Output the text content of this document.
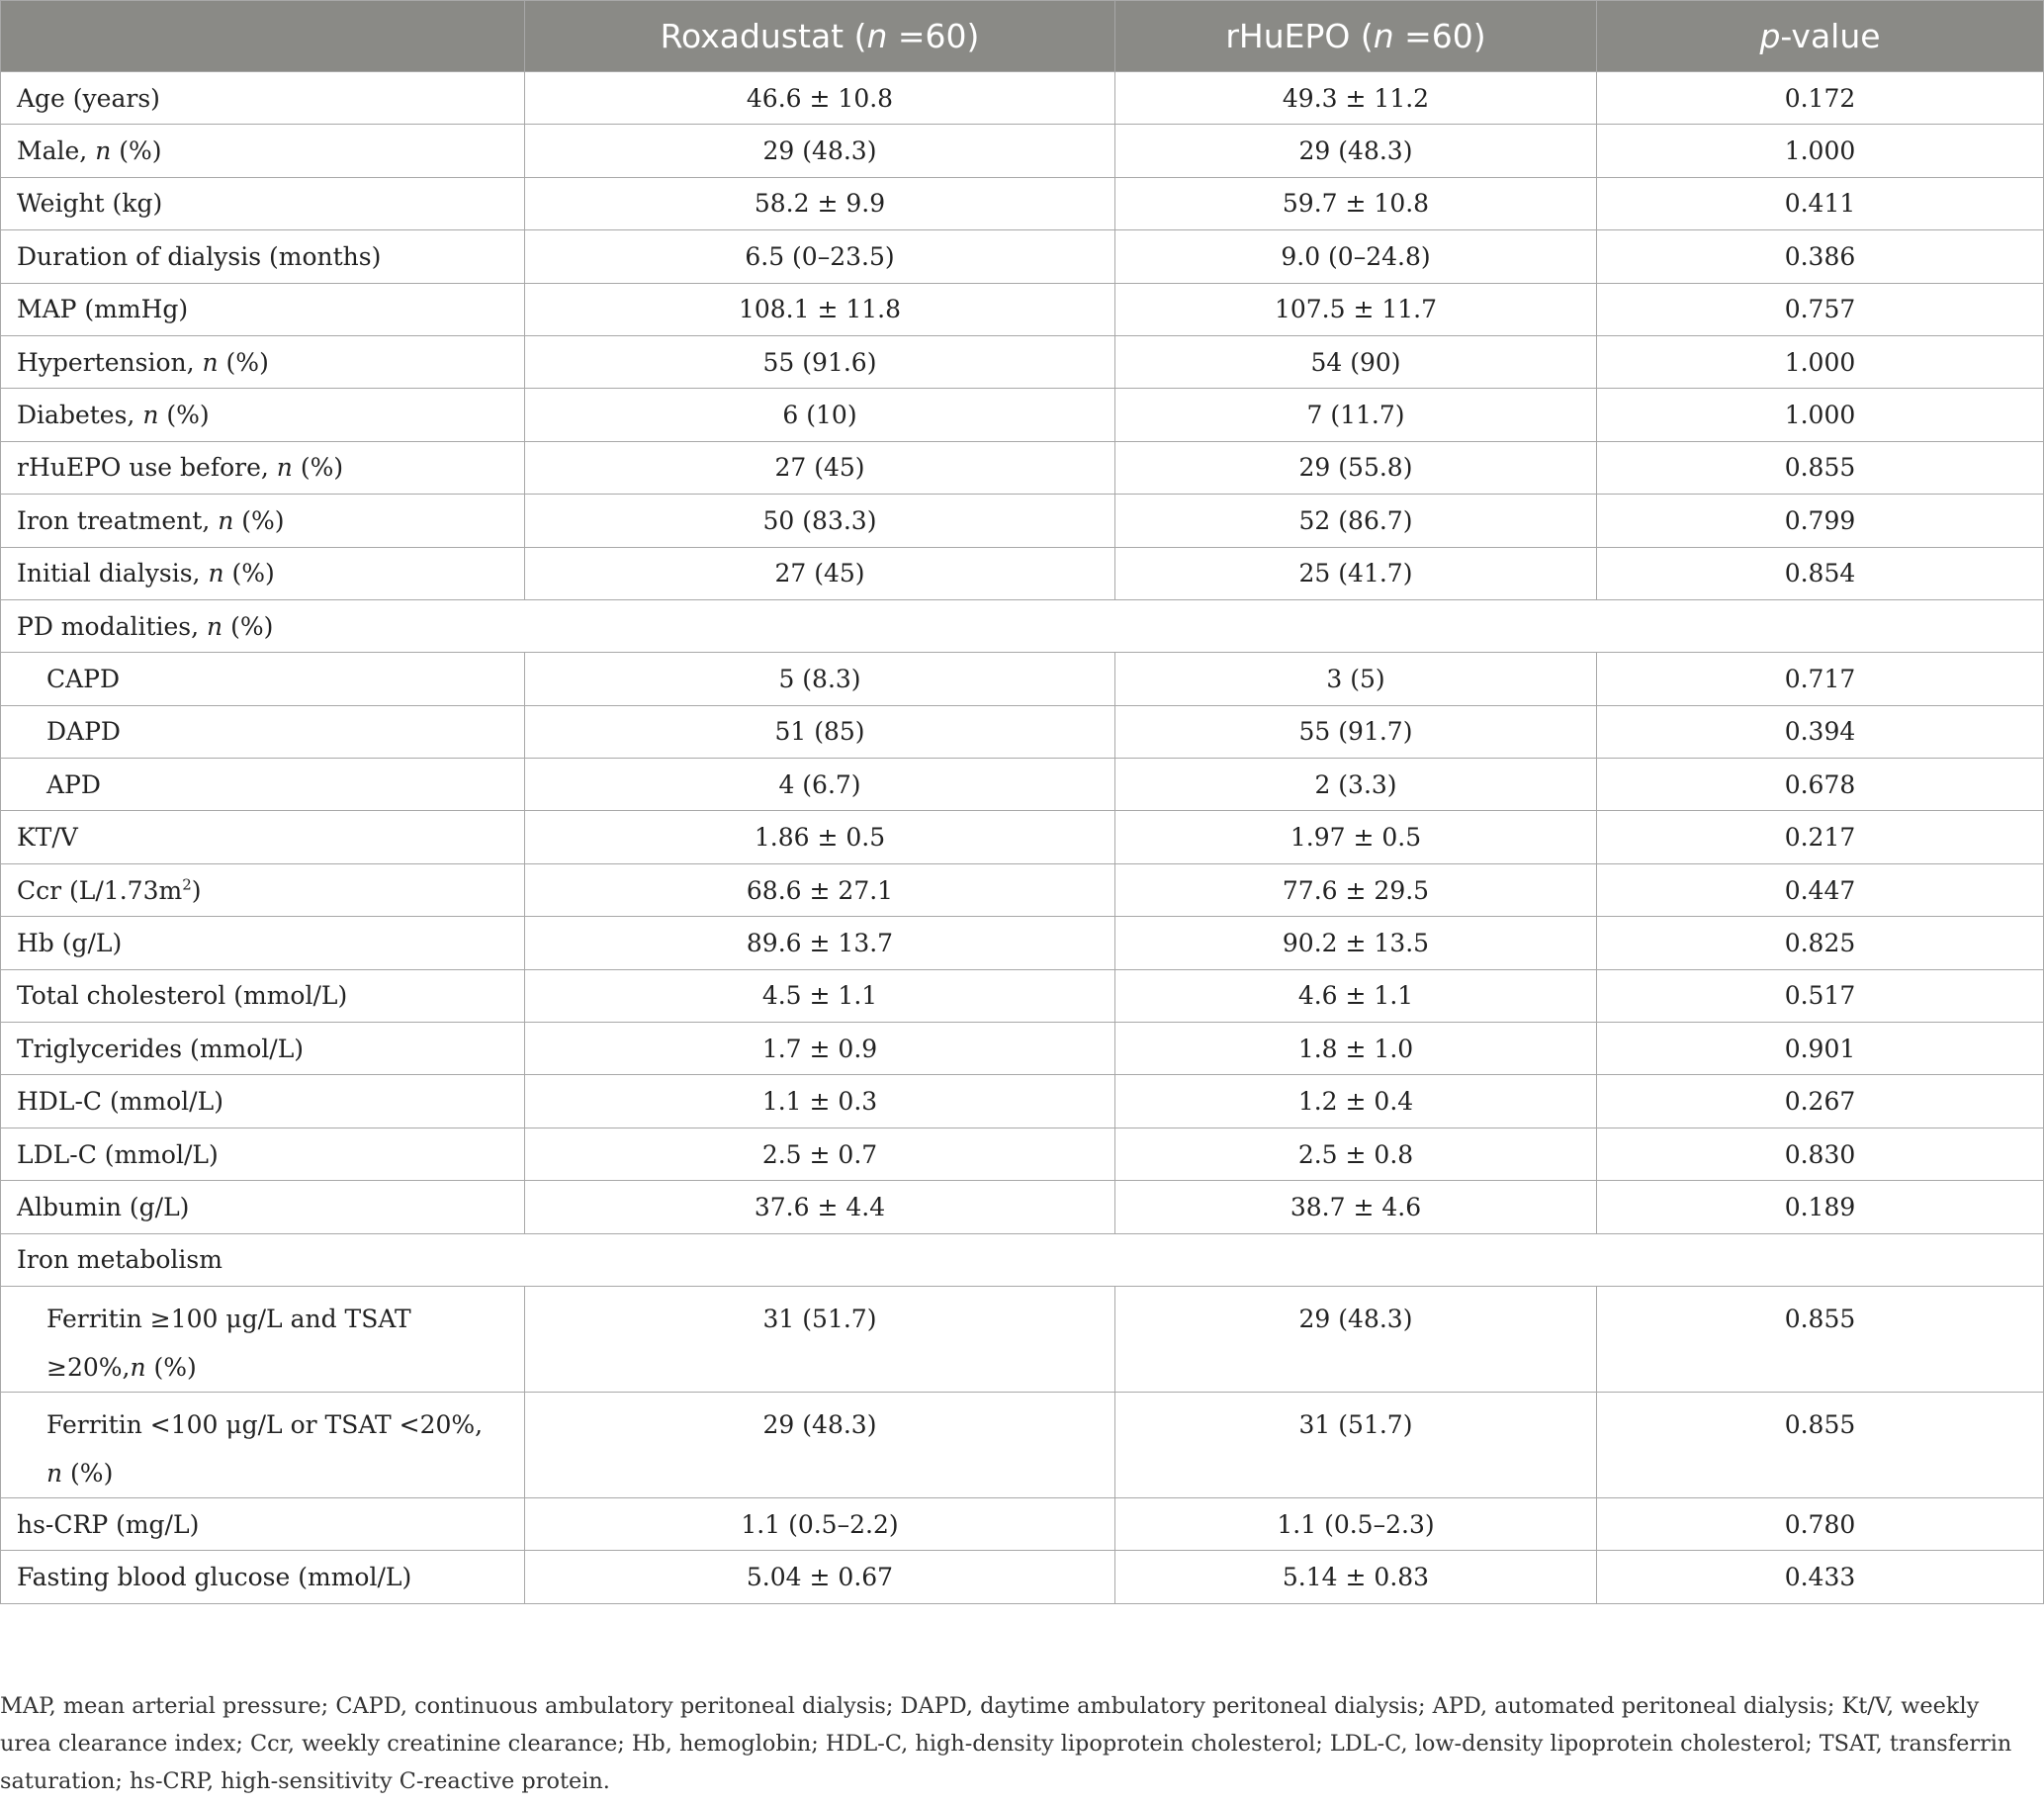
	Roxadustat (n =60)	rHuEPO (n =60)	p-value
Age (years)	46.6 ± 10.8	49.3 ± 11.2	0.172
Male, n (%)	29 (48.3)	29 (48.3)	1.000
Weight (kg)	58.2 ± 9.9	59.7 ± 10.8	0.411
Duration of dialysis (months)	6.5 (0–23.5)	9.0 (0–24.8)	0.386
MAP (mmHg)	108.1 ± 11.8	107.5 ± 11.7	0.757
Hypertension, n (%)	55 (91.6)	54 (90)	1.000
Diabetes, n (%)	6 (10)	7 (11.7)	1.000
rHuEPO use before, n (%)	27 (45)	29 (55.8)	0.855
Iron treatment, n (%)	50 (83.3)	52 (86.7)	0.799
Initial dialysis, n (%)	27 (45)	25 (41.7)	0.854
PD modalities, n (%)			
CAPD	5 (8.3)	3 (5)	0.717
DAPD	51 (85)	55 (91.7)	0.394
APD	4 (6.7)	2 (3.3)	0.678
KT/V	1.86 ± 0.5	1.97 ± 0.5	0.217
Ccr $(L/1.73m^2)$	68.6 ± 27.1	77.6 ± 29.5	0.447
Hb (g/L)	89.6 ± 13.7	90.2 ± 13.5	0.825
Total cholesterol (mmol/L)	4.5 ± 1.1	4.6 ± 1.1	0.517
Triglycerides (mmol/L)	1.7 ± 0.9	1.8 ± 1.0	0.901
HDL-C (mmol/L)	1.1 ± 0.3	1.2 ± 0.4	0.267
LDL-C (mmol/L)	2.5 ± 0.7	2.5 ± 0.8	0.830
Albumin (g/L)	37.6 ± 4.4	38.7 ± 4.6	0.189
Iron metabolism			
Ferritin ≥100 μg/L and TSAT ≥20%,n (%)	31 (51.7)	29 (48.3)	0.855
Ferritin <100 μg/L or TSAT <20%, n (%)	29 (48.3)	31 (51.7)	0.855
hs-CRP (mg/L)	1.1 (0.5–2.2)	1.1 (0.5–2.3)	0.780
Fasting blood glucose (mmol/L)	5.04 ± 0.67	5.14 ± 0.83	0.433
MAP, mean arterial pressure; CAPD, continuous ambulatory peritoneal dialysis; DAPD, daytime ambulatory peritoneal dialysis; APD, automated peritoneal dialysis; Kt/V, weekly urea clearance index; Ccr, weekly creatinine clearance; Hb, hemoglobin; HDL-C, high-density lipoprotein cholesterol; LDL-C, low-density lipoprotein cholesterol; TSAT, transferrin saturation; hs-CRP, high-sensitivity C-reactive protein.
